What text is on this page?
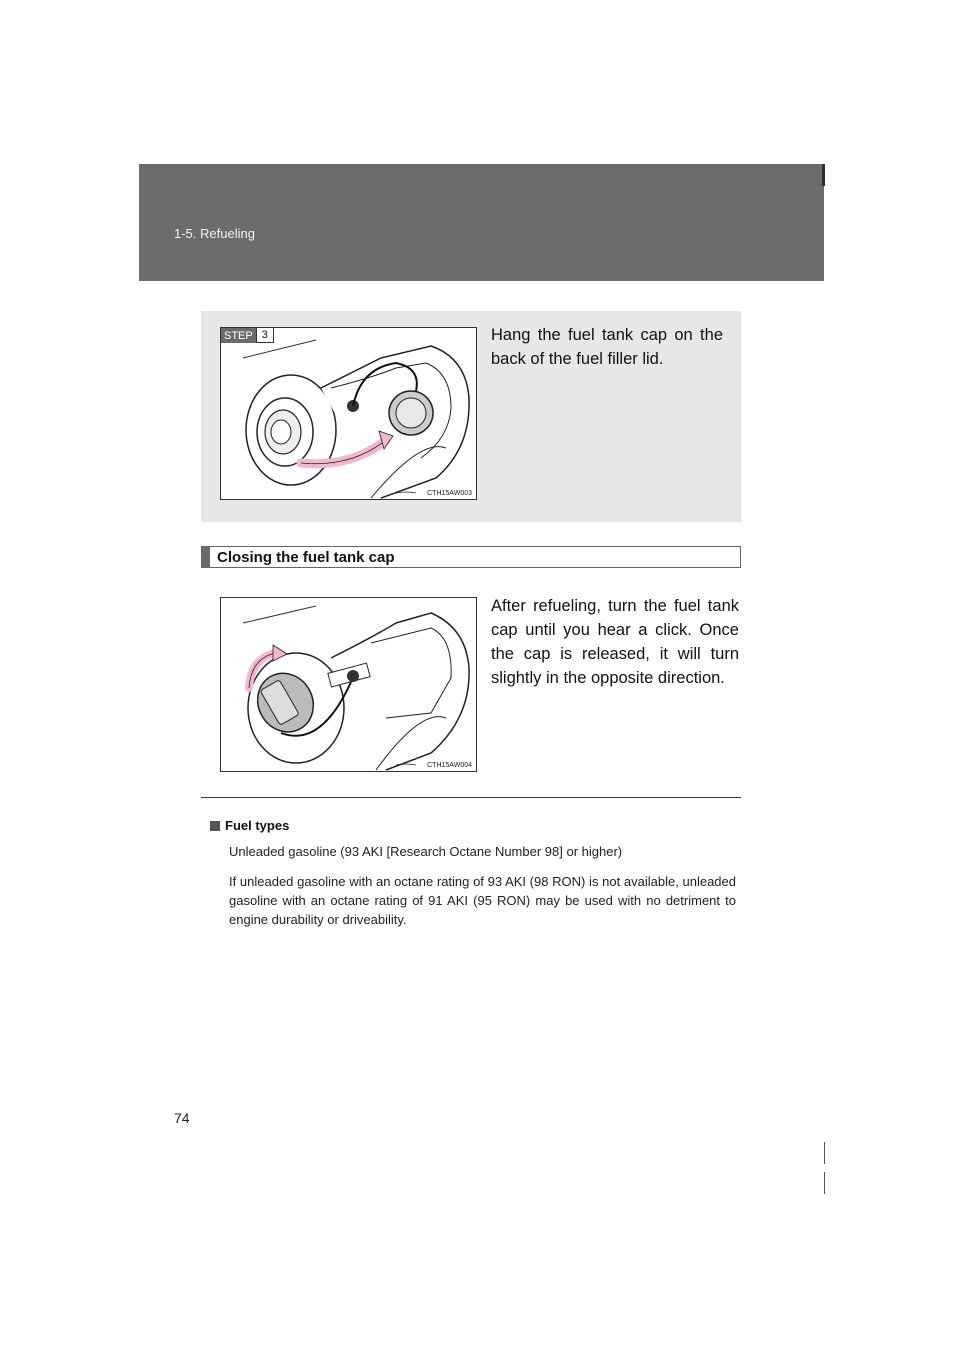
1-5. Refueling
STEP 3
CTH15AW003
Hang the fuel tank cap on the back of the fuel filler lid.
Closing the fuel tank cap
CTH15AW004
After refueling, turn the fuel tank cap until you hear a click. Once the cap is released, it will turn slightly in the opposite direction.
Fuel types
Unleaded gasoline (93 AKI [Research Octane Number 98] or higher)
If unleaded gasoline with an octane rating of 93 AKI (98 RON) is not available, unleaded gasoline with an octane rating of 91 AKI (95 RON) may be used with no detriment to engine durability or driveability.
74
